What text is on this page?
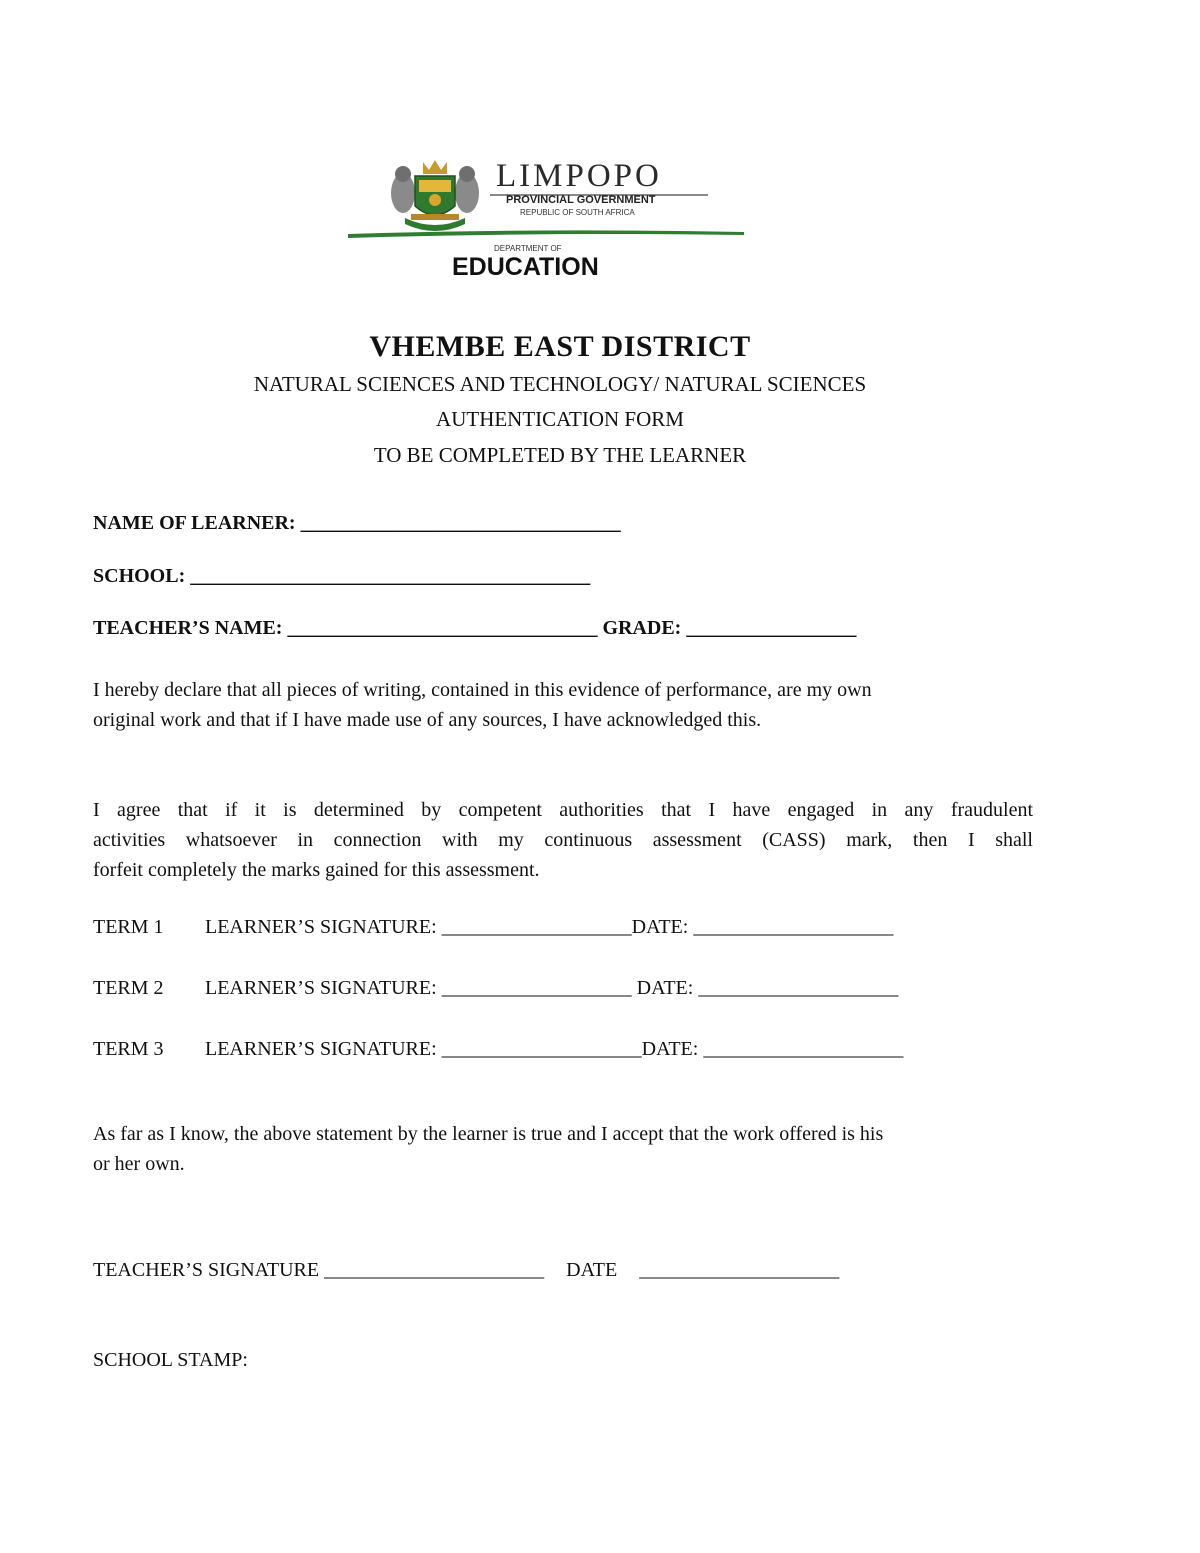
LIMPOPO
PROVINCIAL GOVERNMENT
REPUBLIC OF SOUTH AFRICA
DEPARTMENT OF
EDUCATION
VHEMBE EAST DISTRICT
NATURAL SCIENCES AND TECHNOLOGY/ NATURAL SCIENCES
AUTHENTICATION FORM
TO BE COMPLETED BY THE LEARNER
NAME OF LEARNER: ________________________________
SCHOOL: ________________________________________
TEACHER’S NAME: _______________________________ GRADE: _________________
I hereby declare that all pieces of writing, contained in this evidence of performance, are my own
original work and that if I have made use of any sources, I have acknowledged this.
I agree that if it is determined by competent authorities that I have engaged in any fraudulent
activities whatsoever in connection with my continuous assessment (CASS) mark, then I shall
forfeit completely the marks gained for this assessment.
TERM 1 LEARNER’S SIGNATURE: ___________________DATE: ____________________
TERM 2 LEARNER’S SIGNATURE: ___________________ DATE: ____________________
TERM 3 LEARNER’S SIGNATURE: ____________________DATE: ____________________
As far as I know, the above statement by the learner is true and I accept that the work offered is his
or her own.
TEACHER’S SIGNATURE ______________________ DATE ____________________
SCHOOL STAMP:
